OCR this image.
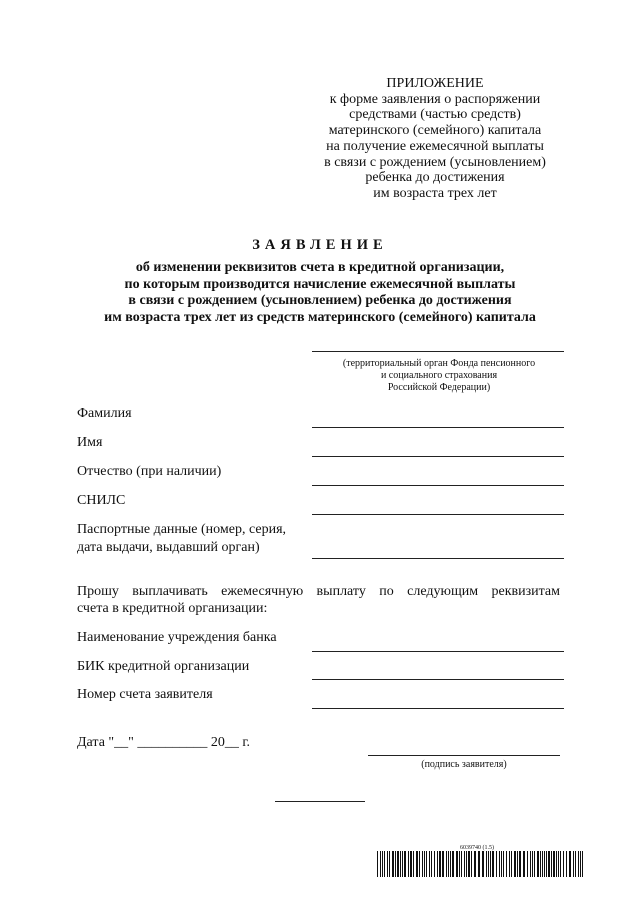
ПРИЛОЖЕНИЕ
к форме заявления о распоряжении
средствами (частью средств)
материнского (семейного) капитала
на получение ежемесячной выплаты
в связи с рождением (усыновлением)
ребенка до достижения
им возраста трех лет
ЗАЯВЛЕНИЕ
об изменении реквизитов счета в кредитной организации,
по которым производится начисление ежемесячной выплаты
в связи с рождением (усыновлением) ребенка до достижения
им возраста трех лет из средств материнского (семейного) капитала
(территориальный орган Фонда пенсионного
и социального страхования
Российской Федерации)
Фамилия
Имя
Отчество (при наличии)
СНИЛС
Паспортные данные (номер, серия,
дата выдачи, выдавший орган)
Прошу выплачивать ежемесячную выплату по следующим реквизитам
счета в кредитной организации:
Наименование учреждения банка
БИК кредитной организации
Номер счета заявителя
Дата "__" __________ 20__ г.
(подпись заявителя)
6039740 (1.5)
